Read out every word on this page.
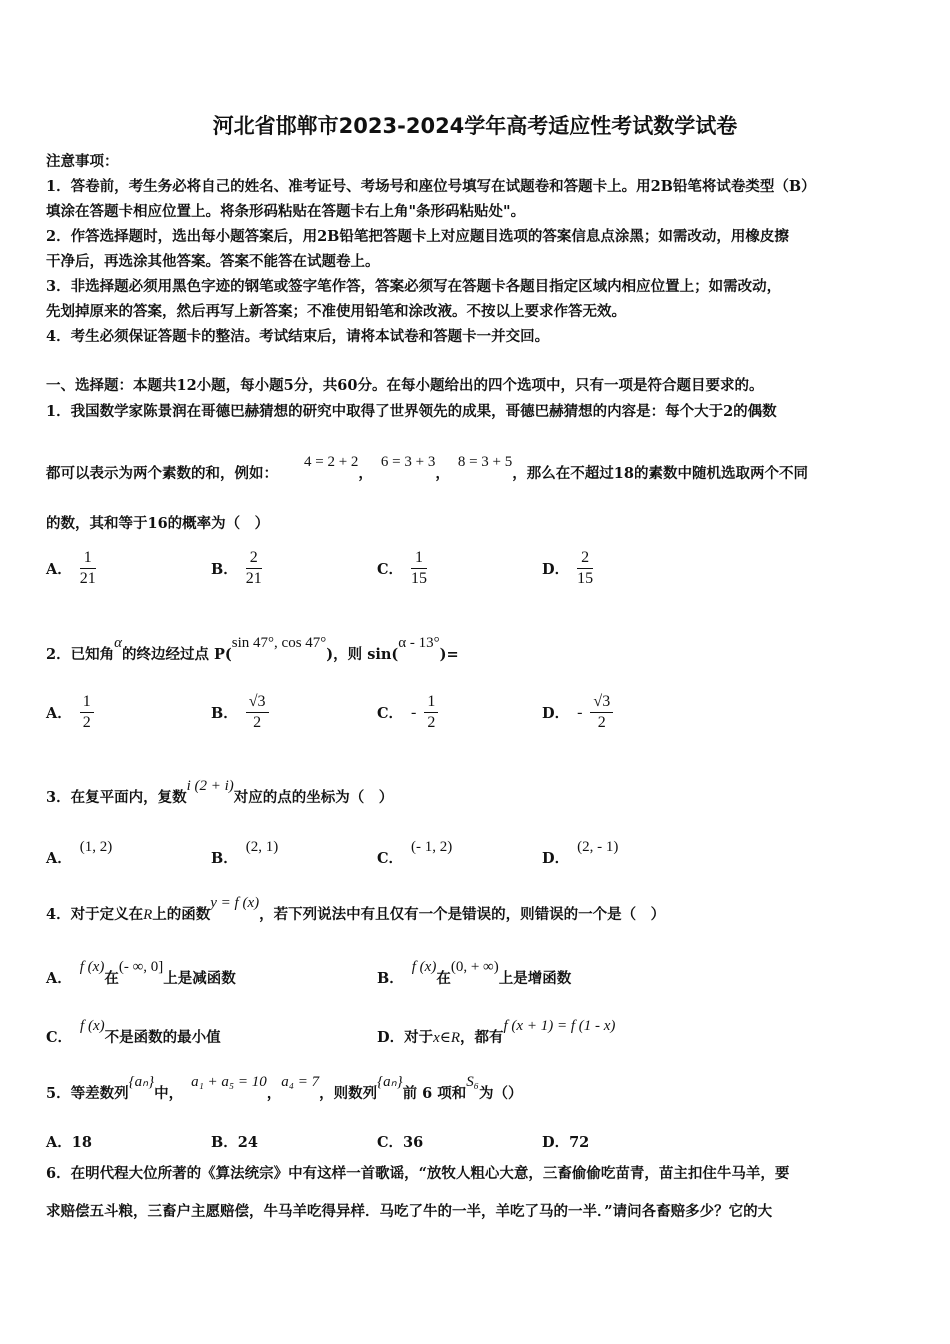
河北省邯郸市2023-2024学年高考适应性考试数学试卷
注意事项：
1．答卷前，考生务必将自己的姓名、准考证号、考场号和座位号填写在试题卷和答题卡上。用2B铅笔将试卷类型（B）
填涂在答题卡相应位置上。将条形码粘贴在答题卡右上角"条形码粘贴处"。
2．作答选择题时，选出每小题答案后，用2B铅笔把答题卡上对应题目选项的答案信息点涂黑；如需改动，用橡皮擦
干净后，再选涂其他答案。答案不能答在试题卷上。
3．非选择题必须用黑色字迹的钢笔或签字笔作答，答案必须写在答题卡各题目指定区域内相应位置上；如需改动，
先划掉原来的答案，然后再写上新答案；不准使用铅笔和涂改液。不按以上要求作答无效。
4．考生必须保证答题卡的整洁。考试结束后，请将本试卷和答题卡一并交回。
一、选择题：本题共12小题，每小题5分，共60分。在每小题给出的四个选项中，只有一项是符合题目要求的。
1．我国数学家陈景润在哥德巴赫猜想的研究中取得了世界领先的成果，哥德巴赫猜想的内容是：每个大于2的偶数
都可以表示为两个素数的和，例如：4 = 2 + 2，6 = 3 + 3，8 = 3 + 5，那么在不超过18的素数中随机选取两个不同
的数，其和等于16的概率为（　）
A． $\frac{1}{21}$	B． $\frac{2}{21}$	C． $\frac{1}{15}$	D． $\frac{2}{15}$
2．已知角α的终边经过点 P(sin 47°, cos 47°)，则 sin(α - 13°)=
A． $\frac{1}{2}$	B． $\frac{√3}{2}$	C． - $\frac{1}{2}$	D． - $\frac{√3}{2}$
3．在复平面内，复数i (2 + i)对应的点的坐标为（　）
A．(1, 2)
B．(2, 1)
C．(- 1, 2)
D．(2, - 1)
4．对于定义在R上的函数y = f (x)，若下列说法中有且仅有一个是错误的，则错误的一个是（　）
A．f (x)在(- ∞, 0]上是减函数	B．f (x)在(0, + ∞)上是增函数
C．f (x)不是函数的最小值	D．对于x∈R，都有f (x + 1) = f (1 - x)
5．等差数列{aₙ}中，a₁ + a₅ = 10，a₄ = 7，则数列{aₙ}前 6 项和S₆为（）
A．18	B．24	C．36	D．72
6．在明代程大位所著的《算法统宗》中有这样一首歌谣，“放牧人粗心大意，三畜偷偷吃苗青，苗主扣住牛马羊，要
求赔偿五斗粮，三畜户主愿赔偿，牛马羊吃得异样．马吃了牛的一半，羊吃了马的一半．”请问各畜赔多少？它的大
